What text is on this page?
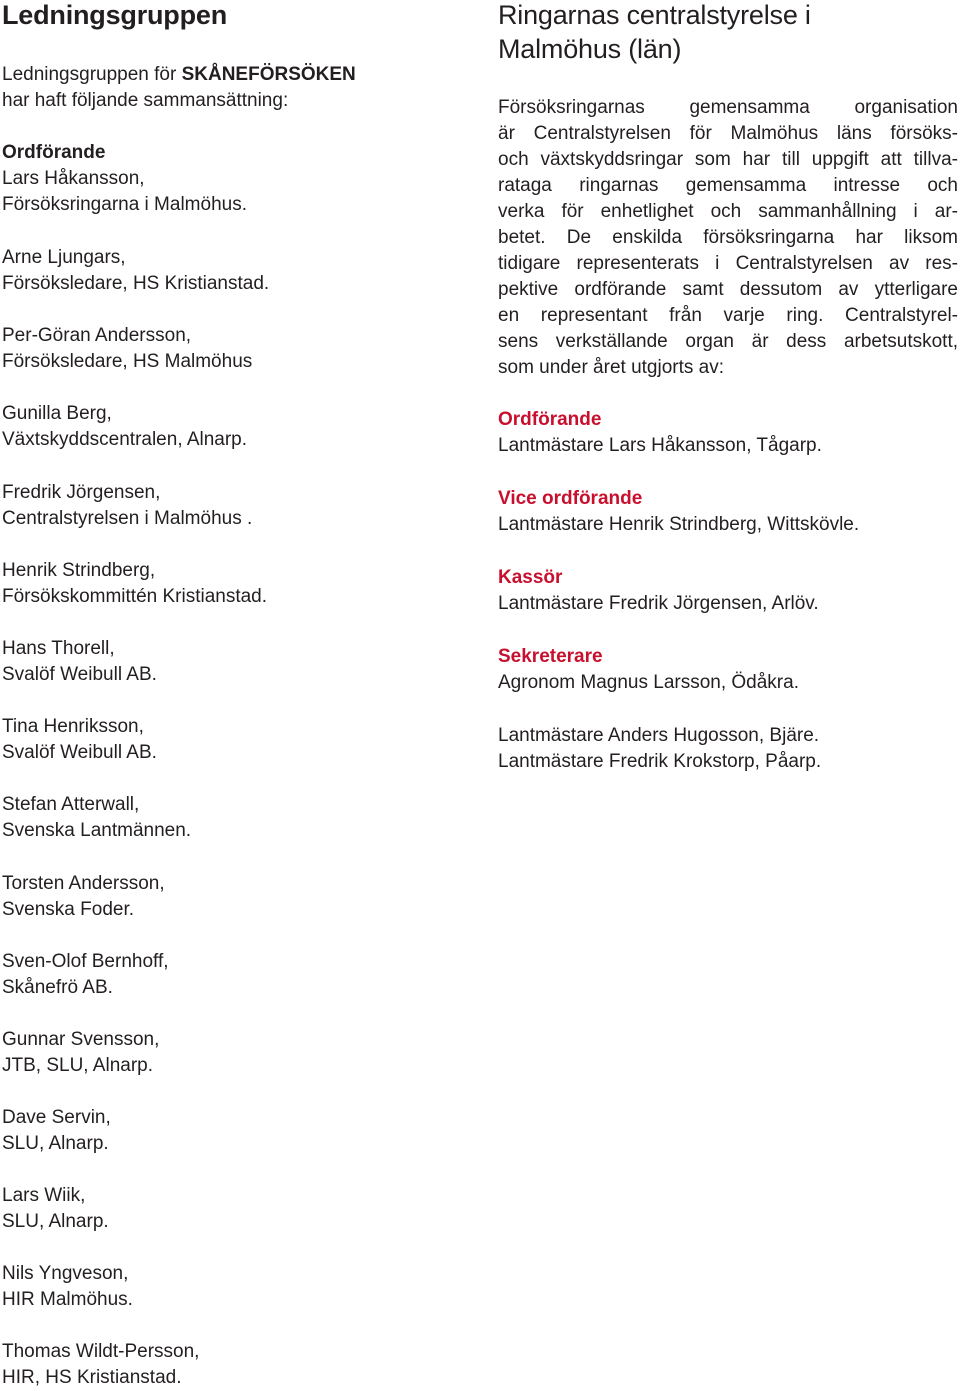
Ledningsgruppen
Ledningsgruppen för SKÅNEFÖRSÖKEN
har haft följande sammansättning:
Ordförande
Lars Håkansson,
Försöksringarna i Malmöhus.
Arne Ljungars,
Försöksledare, HS Kristianstad.
Per-Göran Andersson,
Försöksledare, HS Malmöhus
Gunilla Berg,
Växtskyddscentralen, Alnarp.
Fredrik Jörgensen,
Centralstyrelsen i Malmöhus .
Henrik Strindberg,
Försökskommittén Kristianstad.
Hans Thorell,
Svalöf Weibull AB.
Tina Henriksson,
Svalöf Weibull AB.
Stefan Atterwall,
Svenska Lantmännen.
Torsten Andersson,
Svenska Foder.
Sven-Olof Bernhoff,
Skånefrö AB.
Gunnar Svensson,
JTB, SLU, Alnarp.
Dave Servin,
SLU, Alnarp.
Lars Wiik,
SLU, Alnarp.
Nils Yngveson,
HIR Malmöhus.
Thomas Wildt-Persson,
HIR, HS Kristianstad.
Ringarnas centralstyrelse i
Malmöhus (län)
Försöksringarnas gemensamma organisation
är Centralstyrelsen för Malmöhus läns försöks-
och växtskyddsringar som har till uppgift att tillva-
rataga ringarnas gemensamma intresse och
verka för enhetlighet och sammanhållning i ar-
betet. De enskilda försöksringarna har liksom
tidigare representerats i Centralstyrelsen av res-
pektive ordförande samt dessutom av ytterligare
en representant från varje ring. Centralstyrel-
sens verkställande organ är dess arbetsutskott,
som under året utgjorts av:
Ordförande
Lantmästare Lars Håkansson, Tågarp.
Vice ordförande
Lantmästare Henrik Strindberg, Wittskövle.
Kassör
Lantmästare Fredrik Jörgensen, Arlöv.
Sekreterare
Agronom Magnus Larsson, Ödåkra.
Lantmästare Anders Hugosson, Bjäre.
Lantmästare Fredrik Krokstorp, Påarp.
